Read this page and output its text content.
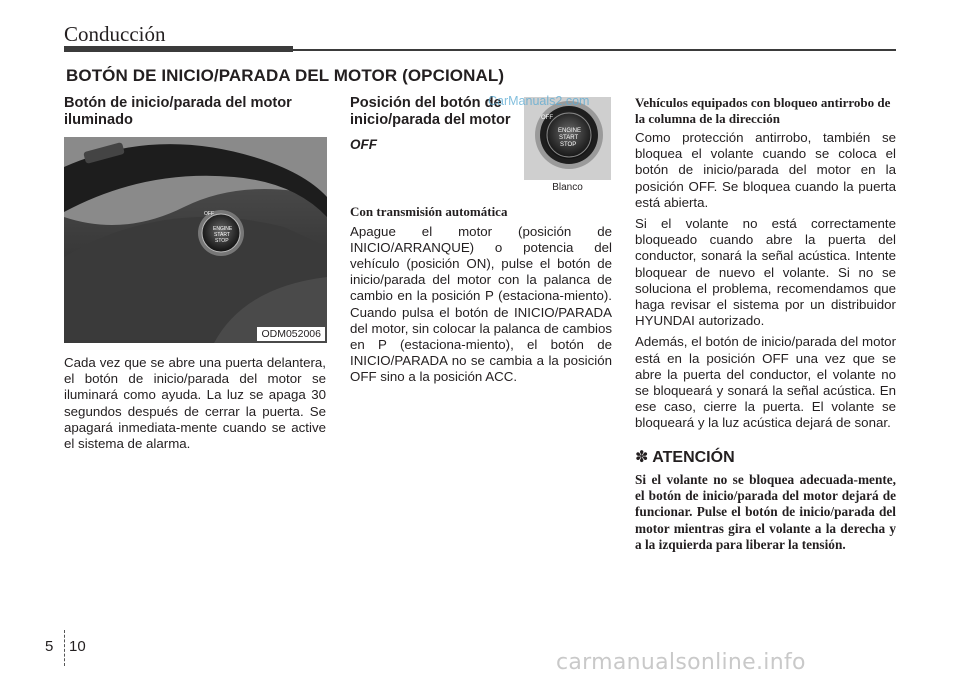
Conducción
BOTÓN DE INICIO/PARADA DEL MOTOR (OPCIONAL)
Botón de inicio/parada del motor iluminado
OFF
ENGINE
START
STOP
ODM052006

Cada vez que se abre una puerta delantera, el botón de inicio/parada del motor se iluminará como ayuda. La luz se apaga 30 segundos después de cerrar la puerta. Se apagará inmediata-mente cuando se active el sistema de alarma.

Posición del botón de inicio/parada del motor
OFF
OFF
ENGINE
START
STOP
Blanco
CarManuals2.com
Con transmisión automática

Apague el motor (posición de INICIO/ARRANQUE) o potencia del vehículo (posición ON), pulse el botón de inicio/parada del motor con la palanca de cambio en la posición P (estaciona-miento). Cuando pulsa el botón de INICIO/PARADA del motor, sin colocar la palanca de cambios en P (estaciona-miento), el botón de INICIO/PARADA no se cambia a la posición OFF sino a la posición ACC.

Vehículos equipados con bloqueo antirrobo de la columna de la dirección

Como protección antirrobo, también se bloquea el volante cuando se coloca el botón de inicio/parada del motor en la posición OFF. Se bloquea cuando la puerta está abierta.

Si el volante no está correctamente bloqueado cuando abre la puerta del conductor, sonará la señal acústica. Intente bloquear de nuevo el volante. Si no se soluciona el problema, recomendamos que haga revisar el sistema por un distribuidor HYUNDAI autorizado.

Además, el botón de inicio/parada del motor está en la posición OFF una vez que se abre la puerta del conductor, el volante no se bloqueará y sonará la señal acústica. En ese caso, cierre la puerta. El volante se bloqueará y la luz acústica dejará de sonar.

✽ ATENCIÓN
Si el volante no se bloquea adecuada-mente, el botón de inicio/parada del motor dejará de funcionar. Pulse el botón de inicio/parada del motor mientras gira el volante a la derecha y a la izquierda para liberar la tensión.
5 10
carmanualsonline.info
